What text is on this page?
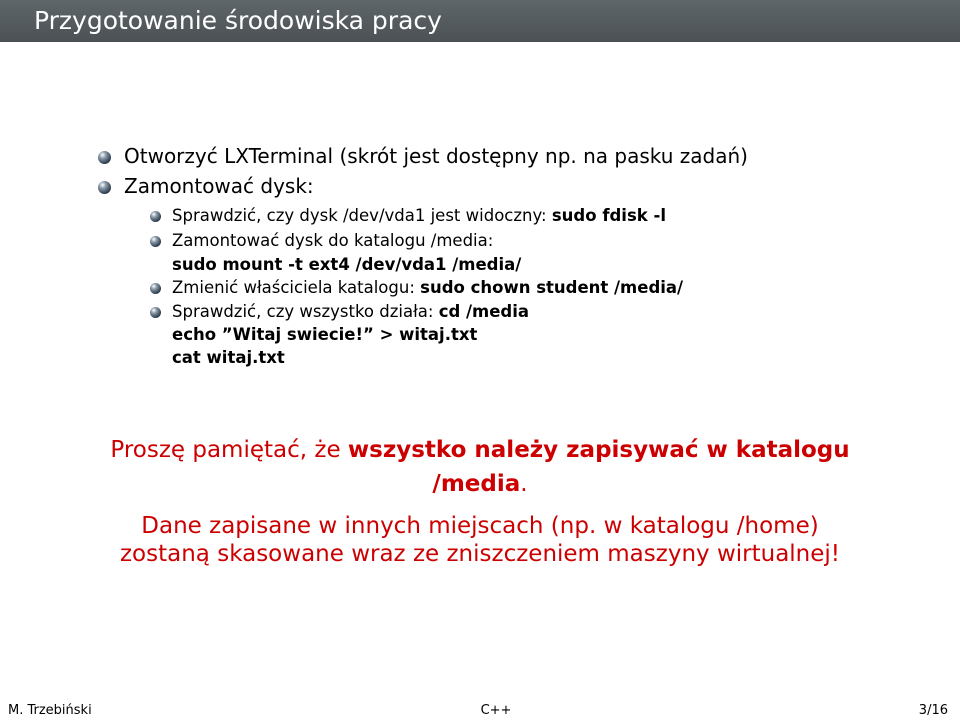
Przygotowanie środowiska pracy
Otworzyć LXTerminal (skrót jest dostępny np. na pasku zadań)
Zamontować dysk:
Sprawdzić, czy dysk /dev/vda1 jest widoczny: sudo fdisk -l
Zamontować dysk do katalogu /media:
sudo mount -t ext4 /dev/vda1 /media/
Zmienić właściciela katalogu: sudo chown student /media/
Sprawdzić, czy wszystko działa: cd /media
echo ”Witaj swiecie!” > witaj.txt
cat witaj.txt
Proszę pamiętać, że wszystko należy zapisywać w katalogu
/media.
Dane zapisane w innych miejscach (np. w katalogu /home)
zostaną skasowane wraz ze zniszczeniem maszyny wirtualnej!
M. Trzebiński	C++	3/16
